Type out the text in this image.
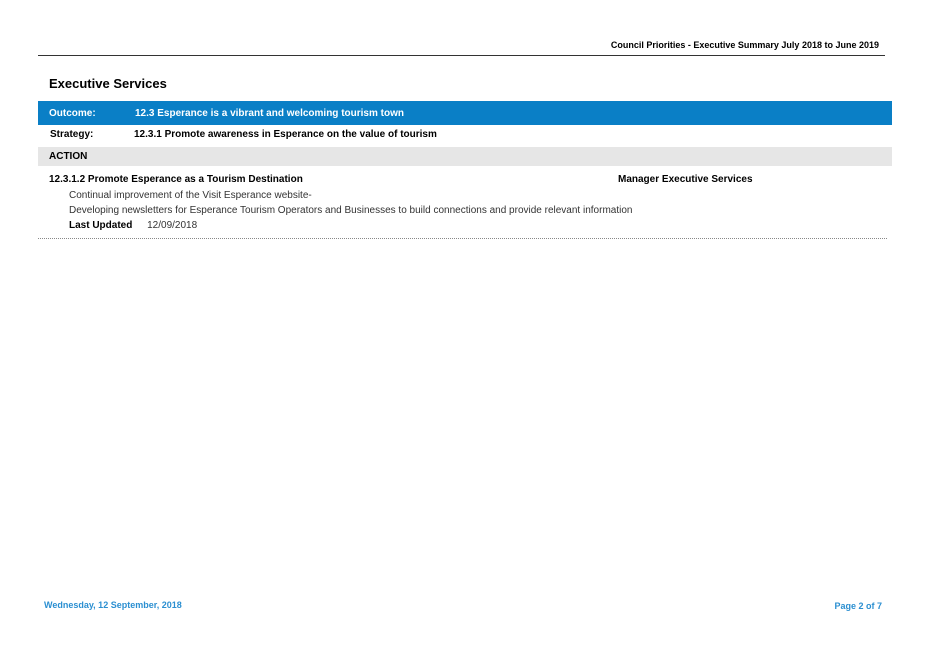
Council Priorities - Executive Summary July 2018 to June 2019
Executive Services
Outcome:	12.3 Esperance is a vibrant and welcoming tourism town
Strategy:	12.3.1 Promote awareness in Esperance on the value of tourism
ACTION
12.3.1.2 Promote Esperance as a Tourism Destination	Manager Executive Services
Continual improvement of the Visit Esperance website-
Developing newsletters for Esperance Tourism Operators and Businesses to build connections and provide relevant information
Last Updated 12/09/2018
Wednesday, 12 September, 2018	Page 2 of 7
